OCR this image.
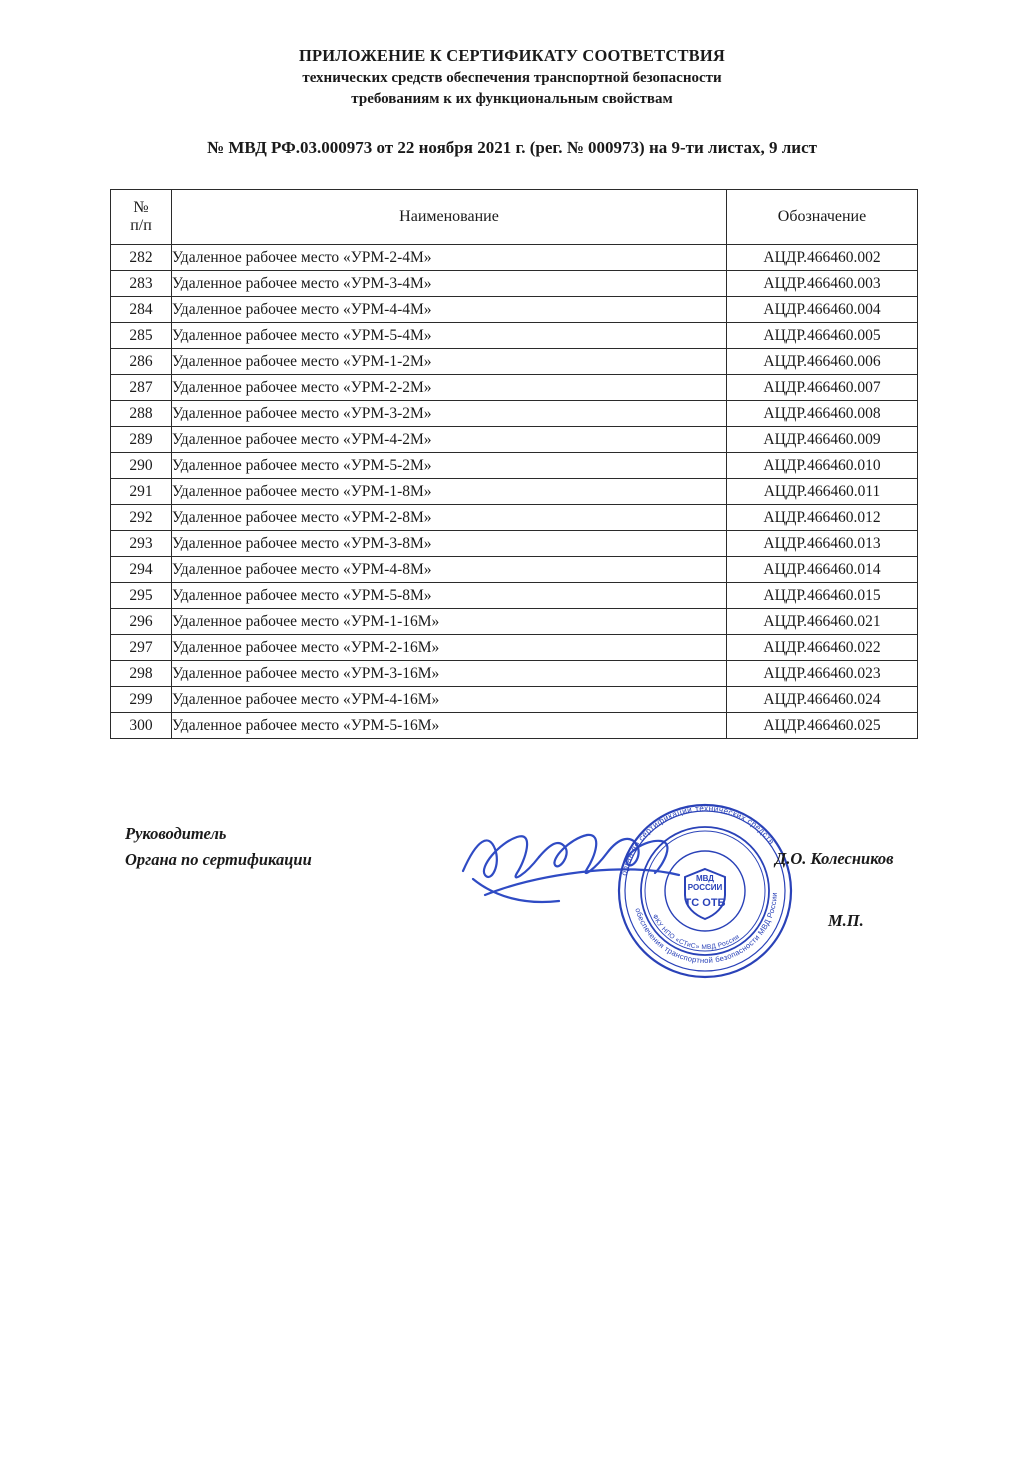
ПРИЛОЖЕНИЕ К СЕРТИФИКАТУ СООТВЕТСТВИЯ
технических средств обеспечения транспортной безопасности
требованиям к их функциональным свойствам
№ МВД РФ.03.000973 от 22 ноября 2021 г. (рег. № 000973) на 9-ти листах, 9 лист
№
п/п	Наименование	Обозначение
282	Удаленное рабочее место «УРМ-2-4М»	АЦДР.466460.002
283	Удаленное рабочее место «УРМ-3-4М»	АЦДР.466460.003
284	Удаленное рабочее место «УРМ-4-4М»	АЦДР.466460.004
285	Удаленное рабочее место «УРМ-5-4М»	АЦДР.466460.005
286	Удаленное рабочее место «УРМ-1-2М»	АЦДР.466460.006
287	Удаленное рабочее место «УРМ-2-2М»	АЦДР.466460.007
288	Удаленное рабочее место «УРМ-3-2М»	АЦДР.466460.008
289	Удаленное рабочее место «УРМ-4-2М»	АЦДР.466460.009
290	Удаленное рабочее место «УРМ-5-2М»	АЦДР.466460.010
291	Удаленное рабочее место «УРМ-1-8М»	АЦДР.466460.011
292	Удаленное рабочее место «УРМ-2-8М»	АЦДР.466460.012
293	Удаленное рабочее место «УРМ-3-8М»	АЦДР.466460.013
294	Удаленное рабочее место «УРМ-4-8М»	АЦДР.466460.014
295	Удаленное рабочее место «УРМ-5-8М»	АЦДР.466460.015
296	Удаленное рабочее место «УРМ-1-16М»	АЦДР.466460.021
297	Удаленное рабочее место «УРМ-2-16М»	АЦДР.466460.022
298	Удаленное рабочее место «УРМ-3-16М»	АЦДР.466460.023
299	Удаленное рабочее место «УРМ-4-16М»	АЦДР.466460.024
300	Удаленное рабочее место «УРМ-5-16М»	АЦДР.466460.025
Руководитель
Органа по сертификации
орган по сертификации технических средств
обеспечения транспортной безопасности МВД России
ФКУ НПО «СТиС» МВД России
МВД
РОССИИ
ТС ОТБ
Д.О. Колесников
М.П.
